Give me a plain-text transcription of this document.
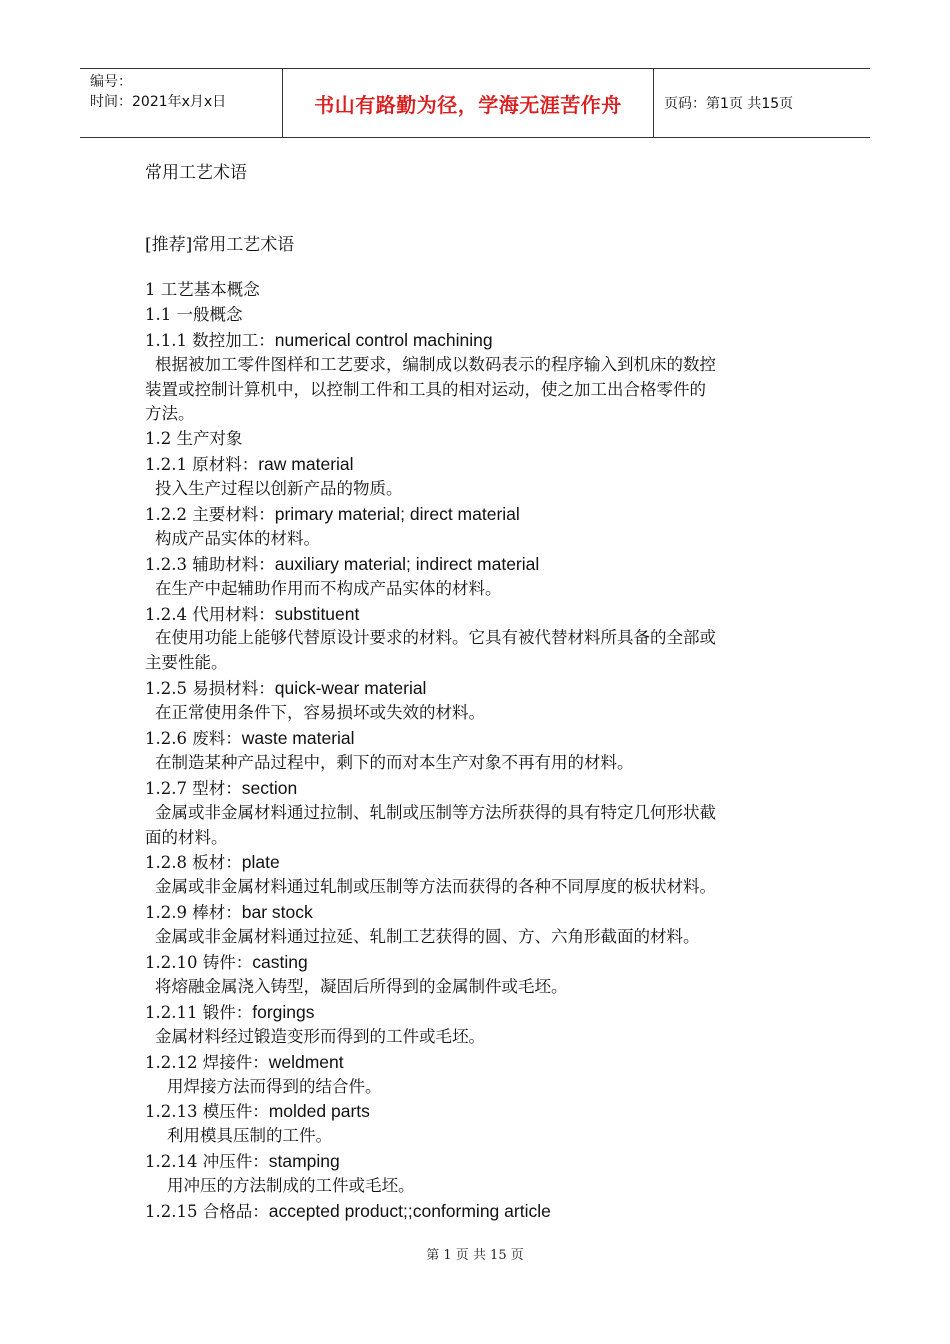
编号：
时间：2021年x月x日	书山有路勤为径，学海无涯苦作舟	页码：第1页 共15页
常用工艺术语
[推荐]常用工艺术语
1 工艺基本概念
1.1 一般概念
1.1.1 数控加工：numerical control machining
根据被加工零件图样和工艺要求，编制成以数码表示的程序输入到机床的数控
装置或控制计算机中，以控制工件和工具的相对运动，使之加工出合格零件的
方法。
1.2 生产对象
1.2.1 原材料：raw material
投入生产过程以创新产品的物质。
1.2.2 主要材料：primary material; direct material
构成产品实体的材料。
1.2.3 辅助材料：auxiliary material; indirect material
在生产中起辅助作用而不构成产品实体的材料。
1.2.4 代用材料：substituent
在使用功能上能够代替原设计要求的材料。它具有被代替材料所具备的全部或
主要性能。
1.2.5 易损材料：quick-wear material
在正常使用条件下，容易损坏或失效的材料。
1.2.6 废料：waste material
在制造某种产品过程中，剩下的而对本生产对象不再有用的材料。
1.2.7 型材：section
金属或非金属材料通过拉制、轧制或压制等方法所获得的具有特定几何形状截
面的材料。
1.2.8 板材：plate
金属或非金属材料通过轧制或压制等方法而获得的各种不同厚度的板状材料。
1.2.9 棒材：bar stock
金属或非金属材料通过拉延、轧制工艺获得的圆、方、六角形截面的材料。
1.2.10 铸件：casting
将熔融金属浇入铸型，凝固后所得到的金属制件或毛坯。
1.2.11 锻件：forgings
金属材料经过锻造变形而得到的工件或毛坯。
1.2.12 焊接件：weldment
用焊接方法而得到的结合件。
1.2.13 模压件：molded parts
利用模具压制的工件。
1.2.14 冲压件：stamping
用冲压的方法制成的工件或毛坯。
1.2.15 合格品：accepted product;;conforming article
第 1 页 共 15 页
